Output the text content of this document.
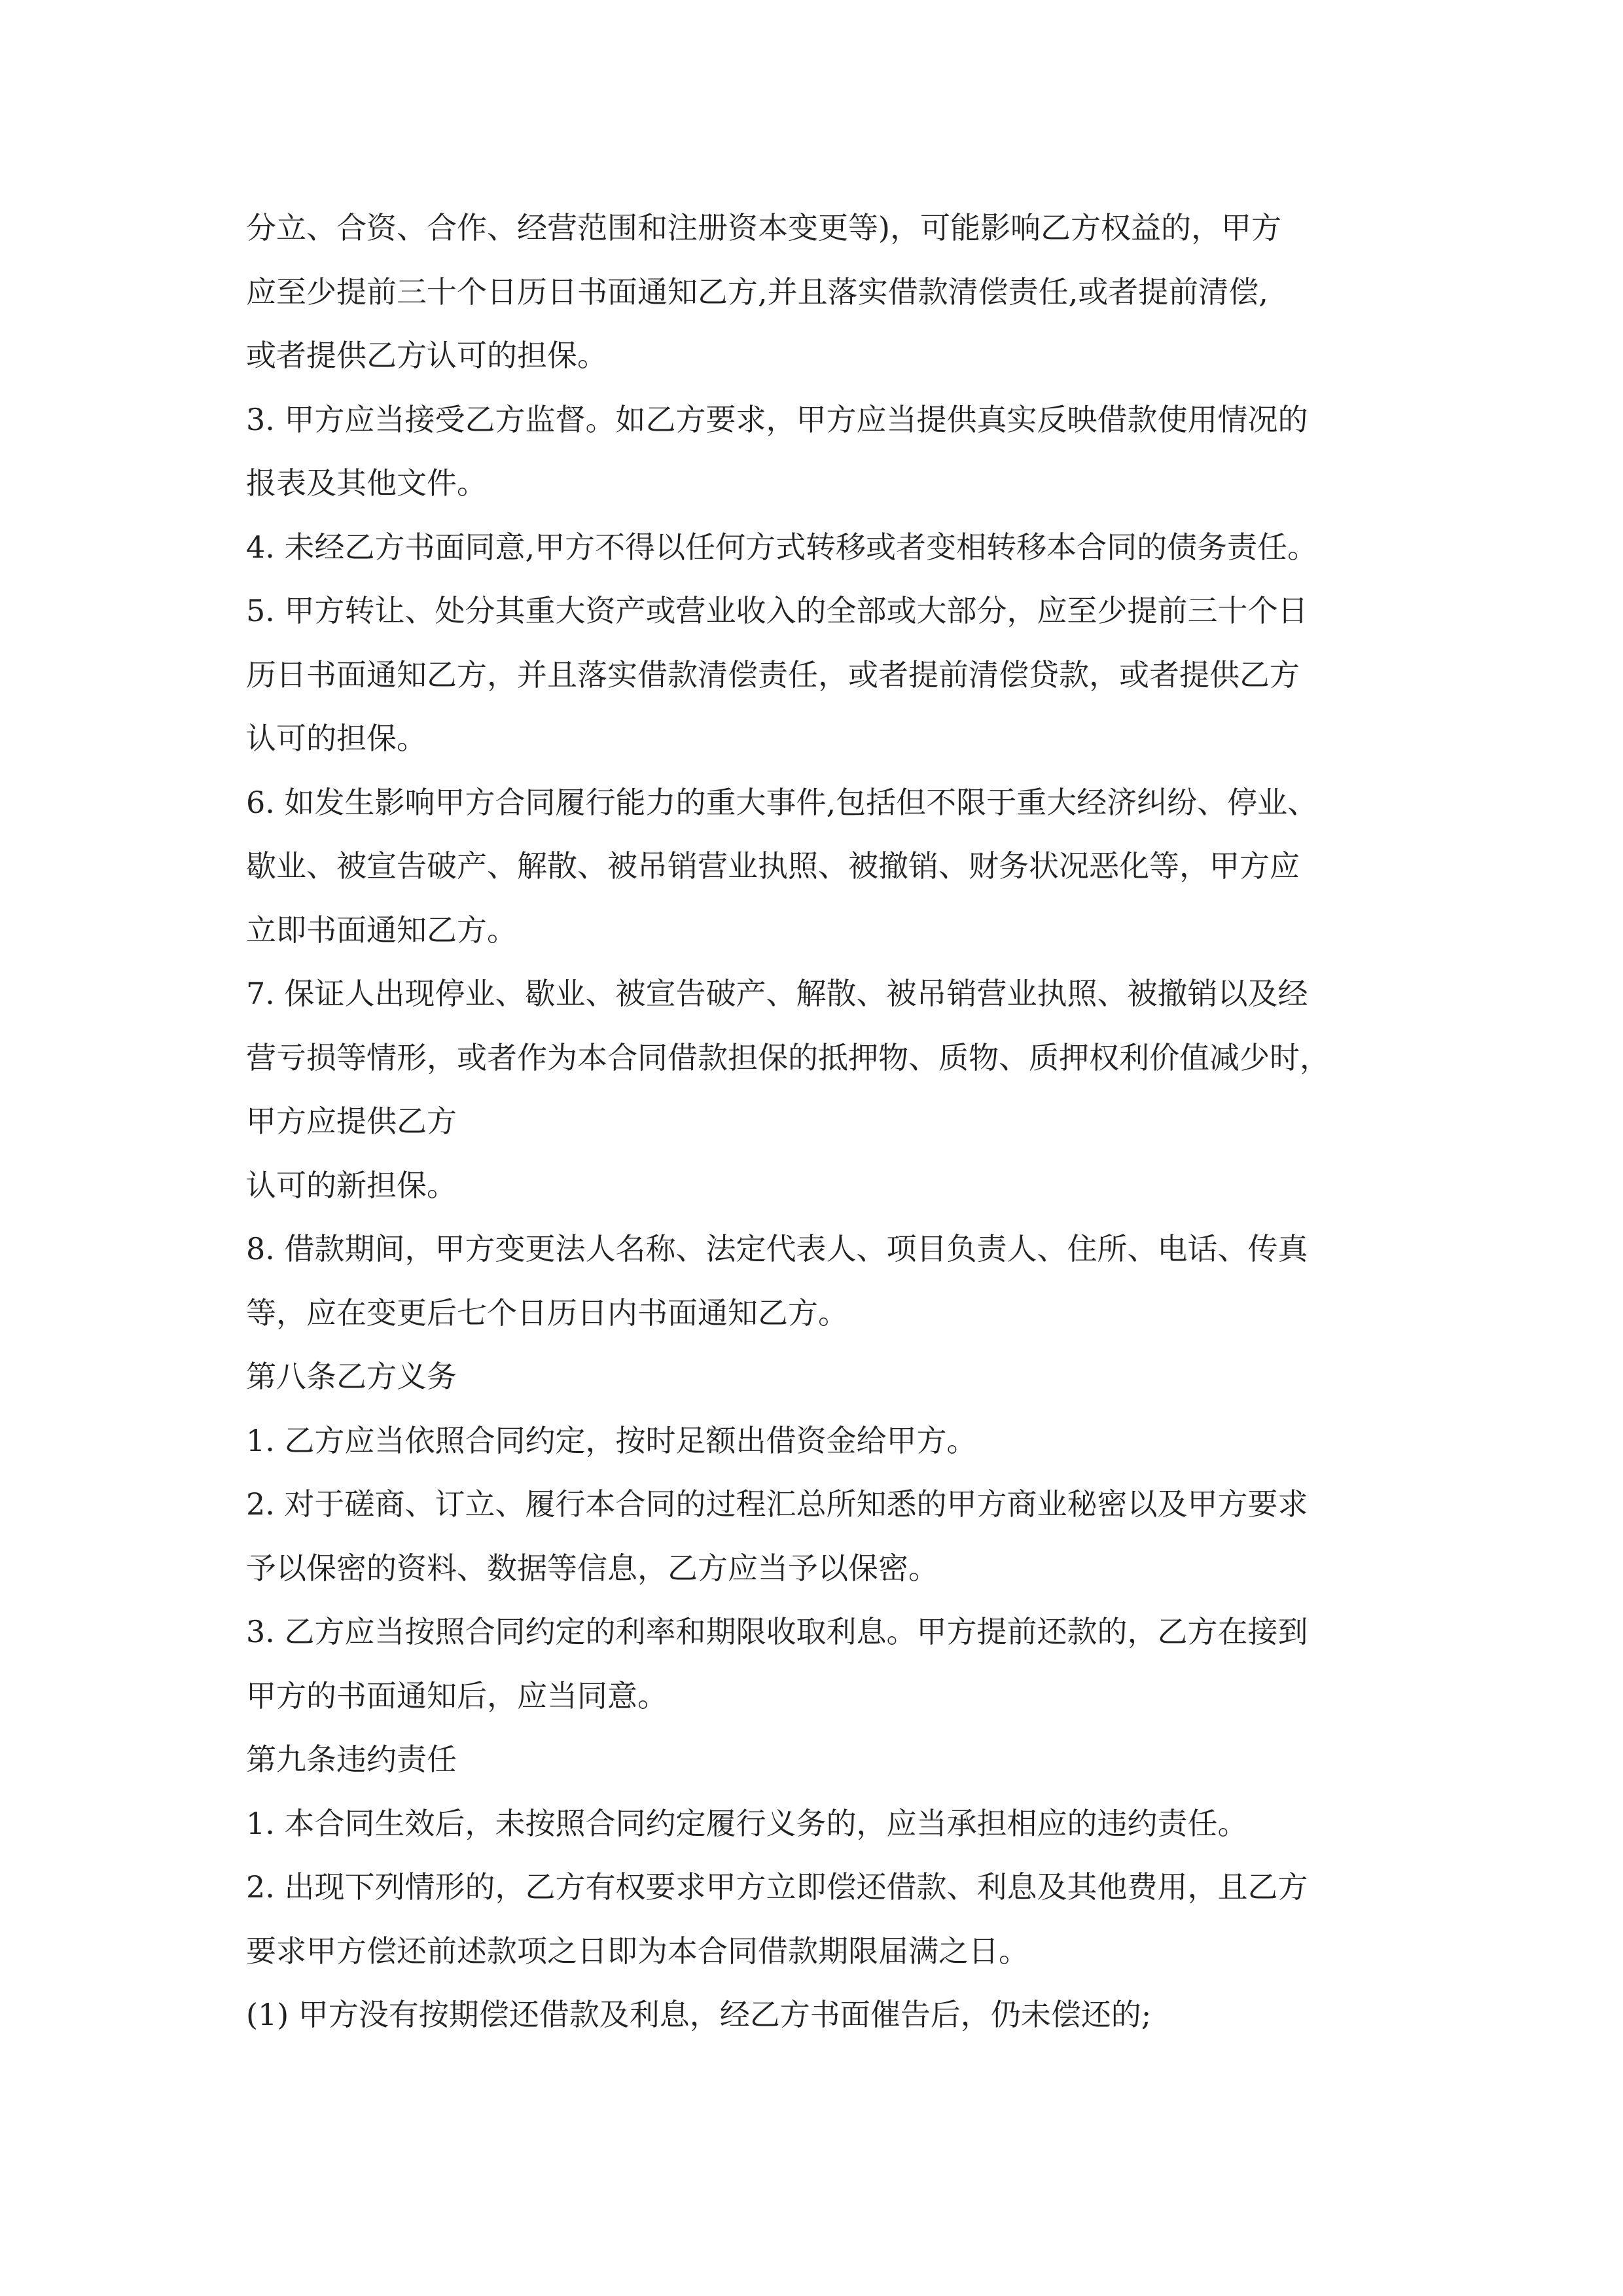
分立、合资、合作、经营范围和注册资本变更等)，可能影响乙方权益的，甲方
应至少提前三十个日历日书面通知乙方,并且落实借款清偿责任,或者提前清偿,
或者提供乙方认可的担保。
3. 甲方应当接受乙方监督。如乙方要求，甲方应当提供真实反映借款使用情况的
报表及其他文件。
4. 未经乙方书面同意,甲方不得以任何方式转移或者变相转移本合同的债务责任。
5. 甲方转让、处分其重大资产或营业收入的全部或大部分，应至少提前三十个日
历日书面通知乙方，并且落实借款清偿责任，或者提前清偿贷款，或者提供乙方
认可的担保。
6. 如发生影响甲方合同履行能力的重大事件,包括但不限于重大经济纠纷、停业、
歇业、被宣告破产、解散、被吊销营业执照、被撤销、财务状况恶化等，甲方应
立即书面通知乙方。
7. 保证人出现停业、歇业、被宣告破产、解散、被吊销营业执照、被撤销以及经
营亏损等情形，或者作为本合同借款担保的抵押物、质物、质押权利价值减少时，
甲方应提供乙方
认可的新担保。
8. 借款期间，甲方变更法人名称、法定代表人、项目负责人、住所、电话、传真
等，应在变更后七个日历日内书面通知乙方。
第八条乙方义务
1. 乙方应当依照合同约定，按时足额出借资金给甲方。
2. 对于磋商、订立、履行本合同的过程汇总所知悉的甲方商业秘密以及甲方要求
予以保密的资料、数据等信息，乙方应当予以保密。
3. 乙方应当按照合同约定的利率和期限收取利息。甲方提前还款的，乙方在接到
甲方的书面通知后，应当同意。
第九条违约责任
1. 本合同生效后，未按照合同约定履行义务的，应当承担相应的违约责任。
2. 出现下列情形的，乙方有权要求甲方立即偿还借款、利息及其他费用，且乙方
要求甲方偿还前述款项之日即为本合同借款期限届满之日。
(1) 甲方没有按期偿还借款及利息，经乙方书面催告后，仍未偿还的;
